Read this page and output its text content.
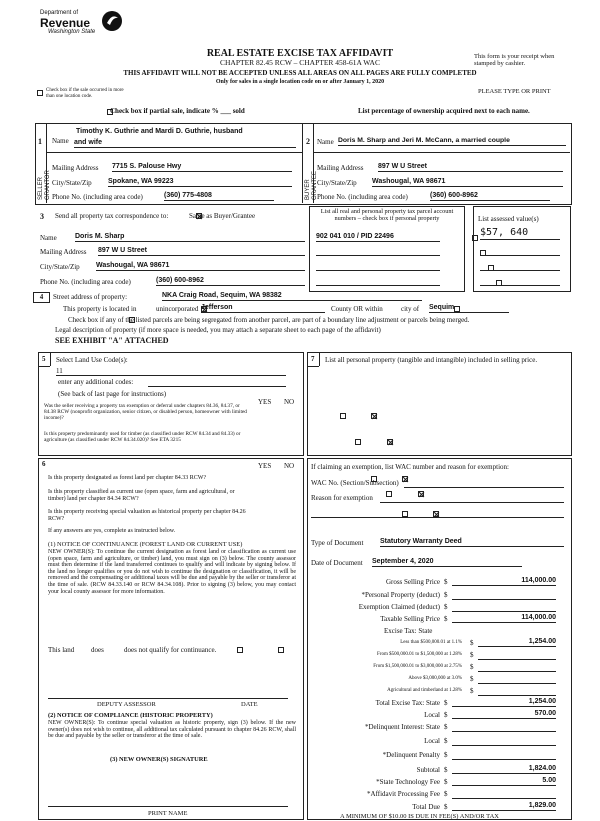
Department of
Revenue
Washington State
REAL ESTATE EXCISE TAX AFFIDAVIT
CHAPTER 82.45 RCW – CHAPTER 458-61A WAC
THIS AFFIDAVIT WILL NOT BE ACCEPTED UNLESS ALL AREAS ON ALL PAGES ARE FULLY COMPLETED
Only for sales in a single location code on or after January 1, 2020
This form is your receipt when stamped by cashier.
PLEASE TYPE OR PRINT

Check box if the sale occurred in more than one location code.

Check box if partial sale, indicate % ___ sold	List percentage of ownership acquired next to each name.
1
SELLER GRANTOR
Name
Timothy K. Guthrie and Mardi D. Guthrie, husband
and wife
Mailing Address 7715 S. Palouse Hwy
City/State/Zip Spokane, WA 99223
Phone No. (including area code)	(360) 775-4808
2
BUYER GRANTEE
Name Doris M. Sharp and Jeri M. McCann, a married couple
Mailing Address 897 W U Street
City/State/Zip Washougal, WA 98671
Phone No. (including area code)	(360) 600-8962
3 Send all property tax correspondence to:
	Same as Buyer/Grantee
Name	Doris M. Sharp
Mailing Address 897 W U Street
City/State/Zip Washougal, WA 98671
Phone No. (including area code)	(360) 600-8962
List all real and personal property tax parcel account numbers – check box if personal property	List assessed value(s)
902 041 010 / PID 22496	$57, 640

4	Street address of property:	NKA Craig Road, Sequim, WA 98382
This property is located in
	unincorporated Jefferson	County OR within
	city of Sequim

Check box if any of the listed parcels are being segregated from another parcel, are part of a boundary line adjustment or parcels being merged.
Legal description of property (if more space is needed, you may attach a separate sheet to each page of the affidavit)
SEE EXHIBIT "A" ATTACHED
5 Select Land Use Code(s):
11
enter any additional codes:
(See back of last page for instructions)
YES NO
Was the seller receiving a property tax exemption or deferral under chapters 84.36, 84.37, or 84.38 RCW (nonprofit organization, senior citizen, or disabled person, homeowner with limited income)?

Is this property predominantly used for timber (as classified under RCW 84.34 and 84.33) or agriculture (as classified under RCW 84.34.020)? See ETA 3215

6	YES NO
Is this property designated as forest land per chapter 84.33 RCW?

Is this property classified as current use (open space, farm and agricultural, or timber) land per chapter 84.34 RCW?

Is this property receiving special valuation as historical property per chapter 84.26 RCW?

If any answers are yes, complete as instructed below.
(1) NOTICE OF CONTINUANCE (FOREST LAND OR CURRENT USE)
NEW OWNER(S): To continue the current designation as forest land or classification as current use (open space, farm and agriculture, or timber) land, you must sign on (3) below. The county assessor must then determine if the land transferred continues to qualify and will indicate by signing below. If the land no longer qualifies or you do not wish to continue the designation or classification, it will be removed and the compensating or additional taxes will be due and payable by the seller or transferor at the time of sale. (RCW 84.33.140 or RCW 84.34.108). Prior to signing (3) below, you may contact your local county assessor for more information.
This land
does	does not qualify for continuance.
DEPUTY ASSESSOR	DATE
(2) NOTICE OF COMPLIANCE (HISTORIC PROPERTY)
NEW OWNER(S): To continue special valuation as historic property, sign (3) below. If the new owner(s) does not wish to continue, all additional tax calculated pursuant to chapter 84.26 RCW, shall be due and payable by the seller or transferor at the time of sale.
(3) NEW OWNER(S) SIGNATURE
PRINT NAME
7 List all personal property (tangible and intangible) included in selling price.
If claiming an exemption, list WAC number and reason for exemption:
WAC No. (Section/Subsection)
Reason for exemption
Type of Document Statutory Warranty Deed
Date of Document September 4, 2020
Gross Selling Price $	114,000.00
*Personal Property (deduct) $
Exemption Claimed (deduct) $
Taxable Selling Price $	114,000.00
Excise Tax: State
Less than $500,000.01 at 1.1% $	1,254.00
From $500,000.01 to $1,500,000 at 1.28% $
From $1,500,000.01 to $3,000,000 at 2.75% $
Above $3,000,000 at 3.0% $
Agricultural and timberland at 1.28% $
Total Excise Tax: State $	1,254.00
Local $	570.00
*Delinquent Interest: State $
Local $
*Delinquent Penalty $
Subtotal $	1,824.00
*State Technology Fee $	5.00
*Affidavit Processing Fee $
Total Due $	1,829.00
A MINIMUM OF $10.00 IS DUE IN FEE(S) AND/OR TAX
